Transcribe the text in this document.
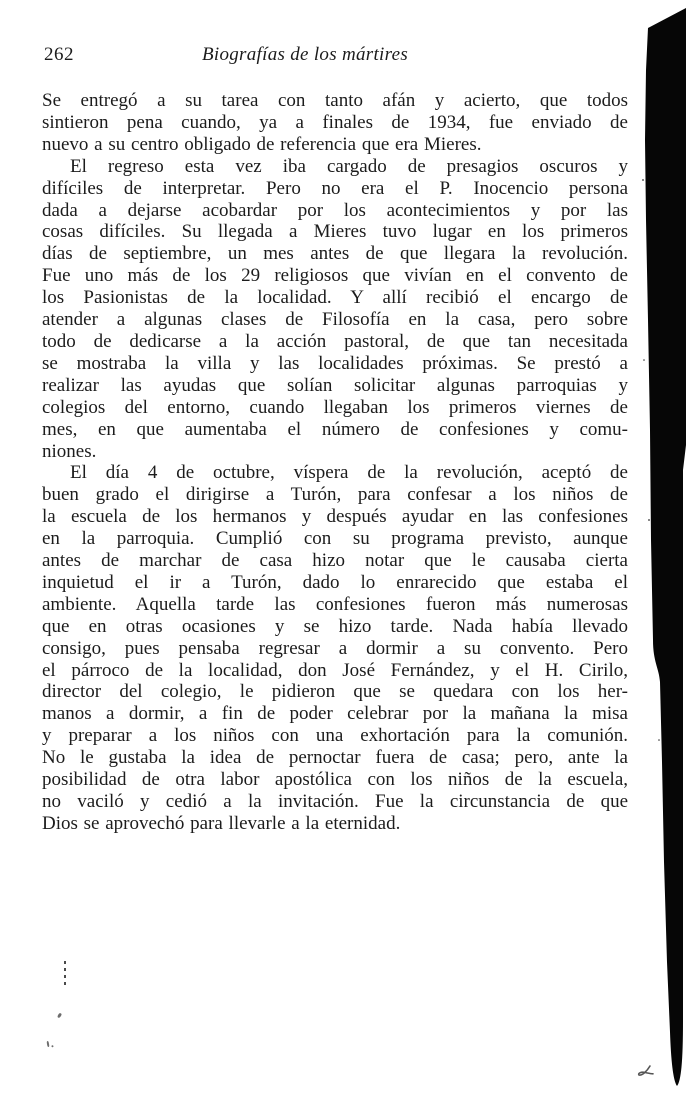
262	Biografías de los mártires
Se entregó a su tarea con tanto afán y acierto, que todos
sintieron pena cuando, ya a finales de 1934, fue enviado de
nuevo a su centro obligado de referencia que era Mieres.
El regreso esta vez iba cargado de presagios oscuros y
difíciles de interpretar. Pero no era el P. Inocencio persona
dada a dejarse acobardar por los acontecimientos y por las
cosas difíciles. Su llegada a Mieres tuvo lugar en los primeros
días de septiembre, un mes antes de que llegara la revolución.
Fue uno más de los 29 religiosos que vivían en el convento de
los Pasionistas de la localidad. Y allí recibió el encargo de
atender a algunas clases de Filosofía en la casa, pero sobre
todo de dedicarse a la acción pastoral, de que tan necesitada
se mostraba la villa y las localidades próximas. Se prestó a
realizar las ayudas que solían solicitar algunas parroquias y
colegios del entorno, cuando llegaban los primeros viernes de
mes, en que aumentaba el número de confesiones y comu-
niones.
El día 4 de octubre, víspera de la revolución, aceptó de
buen grado el dirigirse a Turón, para confesar a los niños de
la escuela de los hermanos y después ayudar en las confesiones
en la parroquia. Cumplió con su programa previsto, aunque
antes de marchar de casa hizo notar que le causaba cierta
inquietud el ir a Turón, dado lo enrarecido que estaba el
ambiente. Aquella tarde las confesiones fueron más numerosas
que en otras ocasiones y se hizo tarde. Nada había llevado
consigo, pues pensaba regresar a dormir a su convento. Pero
el párroco de la localidad, don José Fernández, y el H. Cirilo,
director del colegio, le pidieron que se quedara con los her-
manos a dormir, a fin de poder celebrar por la mañana la misa
y preparar a los niños con una exhortación para la comunión.
No le gustaba la idea de pernoctar fuera de casa; pero, ante la
posibilidad de otra labor apostólica con los niños de la escuela,
no vaciló y cedió a la invitación. Fue la circunstancia de que
Dios se aprovechó para llevarle a la eternidad.
